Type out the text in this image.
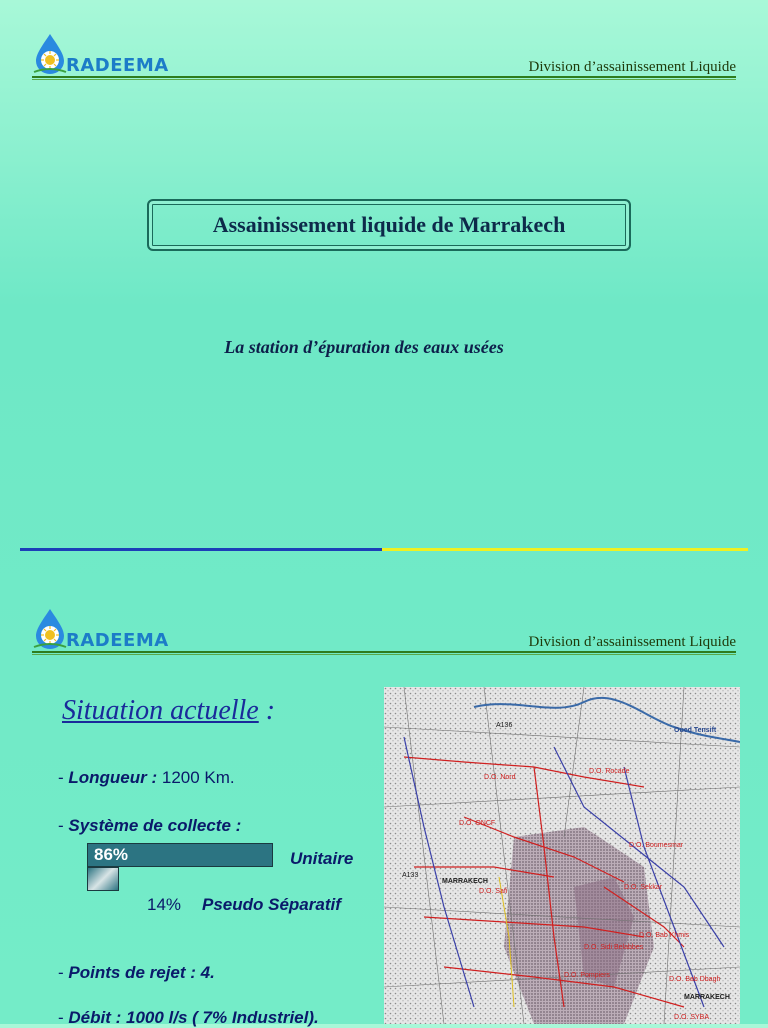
RADEEMA	Division d’assainissement Liquide
Assainissement liquide de Marrakech
La station d’épuration des eaux usées
RADEEMA	Division d’assainissement Liquide
Situation actuelle :
- Longueur : 1200 Km.
- Système de collecte :
86%	Unitaire
14% Pseudo Séparatif
- Points de rejet : 4.
- Débit : 1000 l/s ( 7% Industriel).
Oued Tensift
D.O. Nord
D.O. Rocade
D.O. ONCF
D.O. Boumesmar
MARRAKECH
D.O. Safi
D.O. Sekkar
D.O. Bab Khmis
D.O. Sidi Belabbes
D.O. Pompiers
D.O. Bab Dbagh
D.O. SYBA
A136
A133
MARRAKECH
